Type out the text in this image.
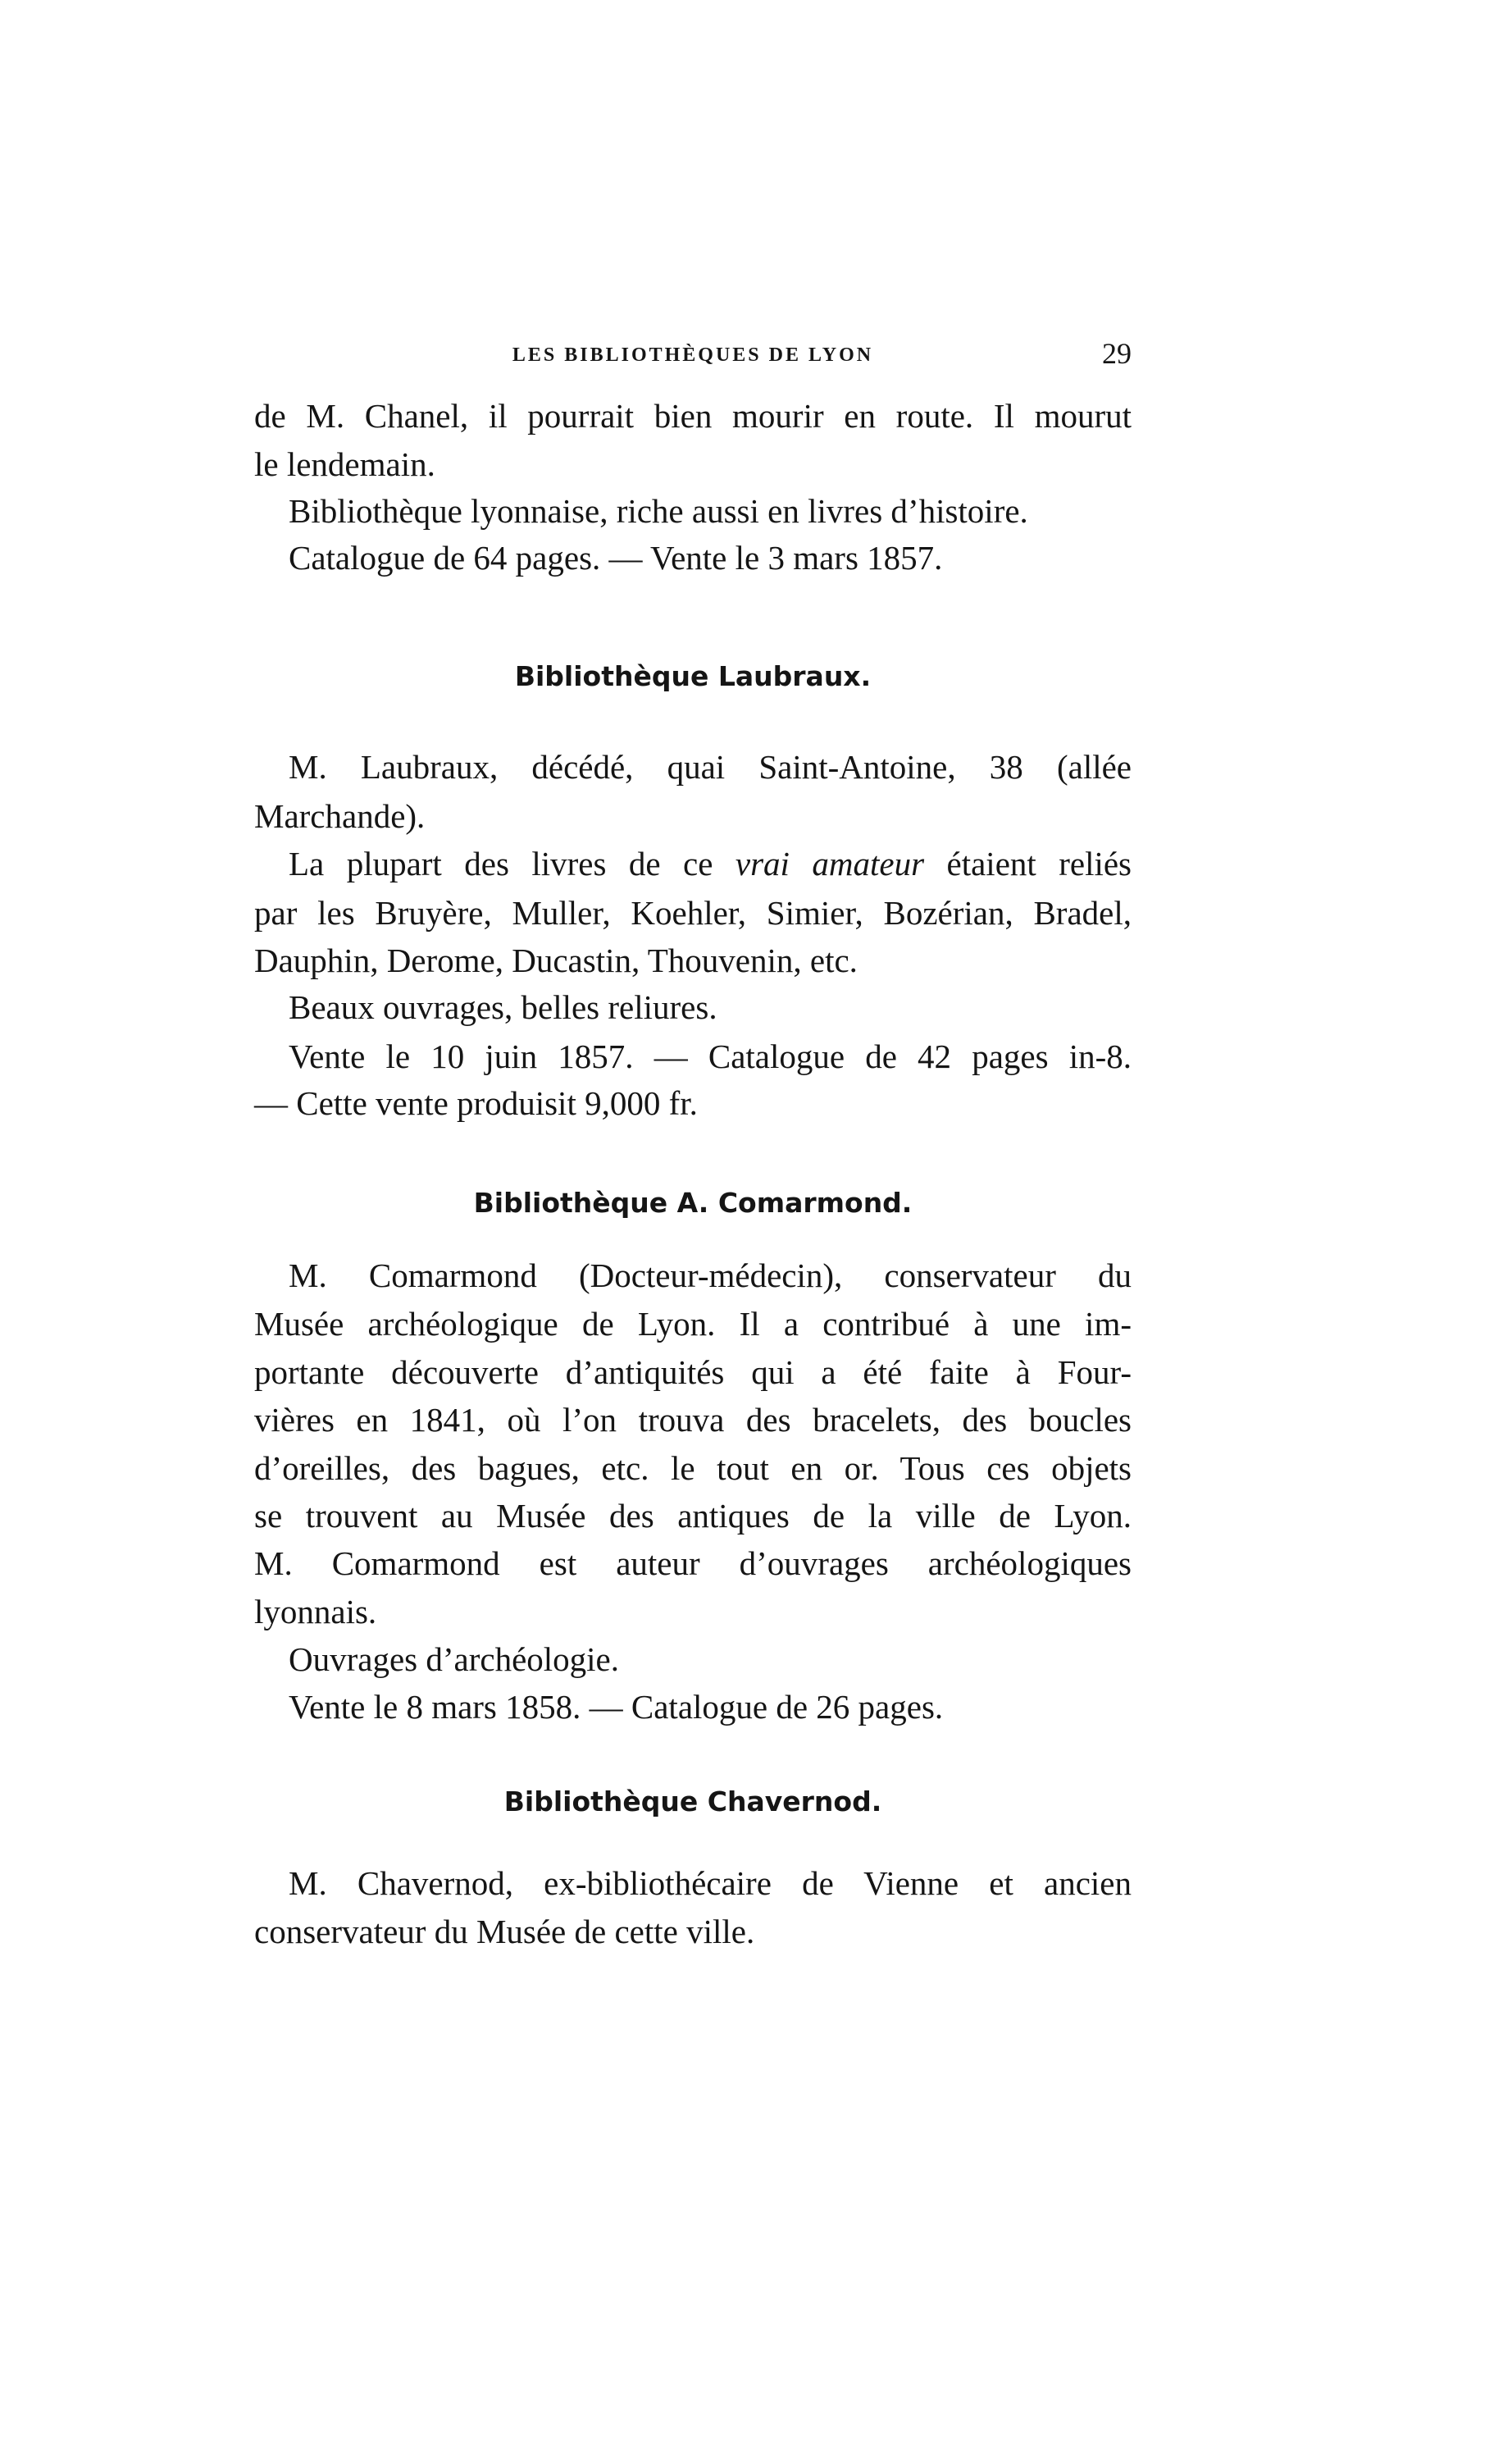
LES BIBLIOTHÈQUES DE LYON	29
de M. Chanel, il pourrait bien mourir en route. Il mourut
le lendemain.
Bibliothèque lyonnaise, riche aussi en livres d’histoire.
Catalogue de 64 pages. — Vente le 3 mars 1857.
Bibliothèque Laubraux.
M. Laubraux, décédé, quai Saint-Antoine, 38 (allée
Marchande).
La plupart des livres de ce vrai amateur étaient reliés
par les Bruyère, Muller, Koehler, Simier, Bozérian, Bradel,
Dauphin, Derome, Ducastin, Thouvenin, etc.
Beaux ouvrages, belles reliures.
Vente le 10 juin 1857. — Catalogue de 42 pages in-8.
— Cette vente produisit 9,000 fr.
Bibliothèque A. Comarmond.
M. Comarmond (Docteur-médecin), conservateur du
Musée archéologique de Lyon. Il a contribué à une im-
portante découverte d’antiquités qui a été faite à Four-
vières en 1841, où l’on trouva des bracelets, des boucles
d’oreilles, des bagues, etc. le tout en or. Tous ces objets
se trouvent au Musée des antiques de la ville de Lyon.
M. Comarmond est auteur d’ouvrages archéologiques
lyonnais.
Ouvrages d’archéologie.
Vente le 8 mars 1858. — Catalogue de 26 pages.
Bibliothèque Chavernod.
M. Chavernod, ex-bibliothécaire de Vienne et ancien
conservateur du Musée de cette ville.
